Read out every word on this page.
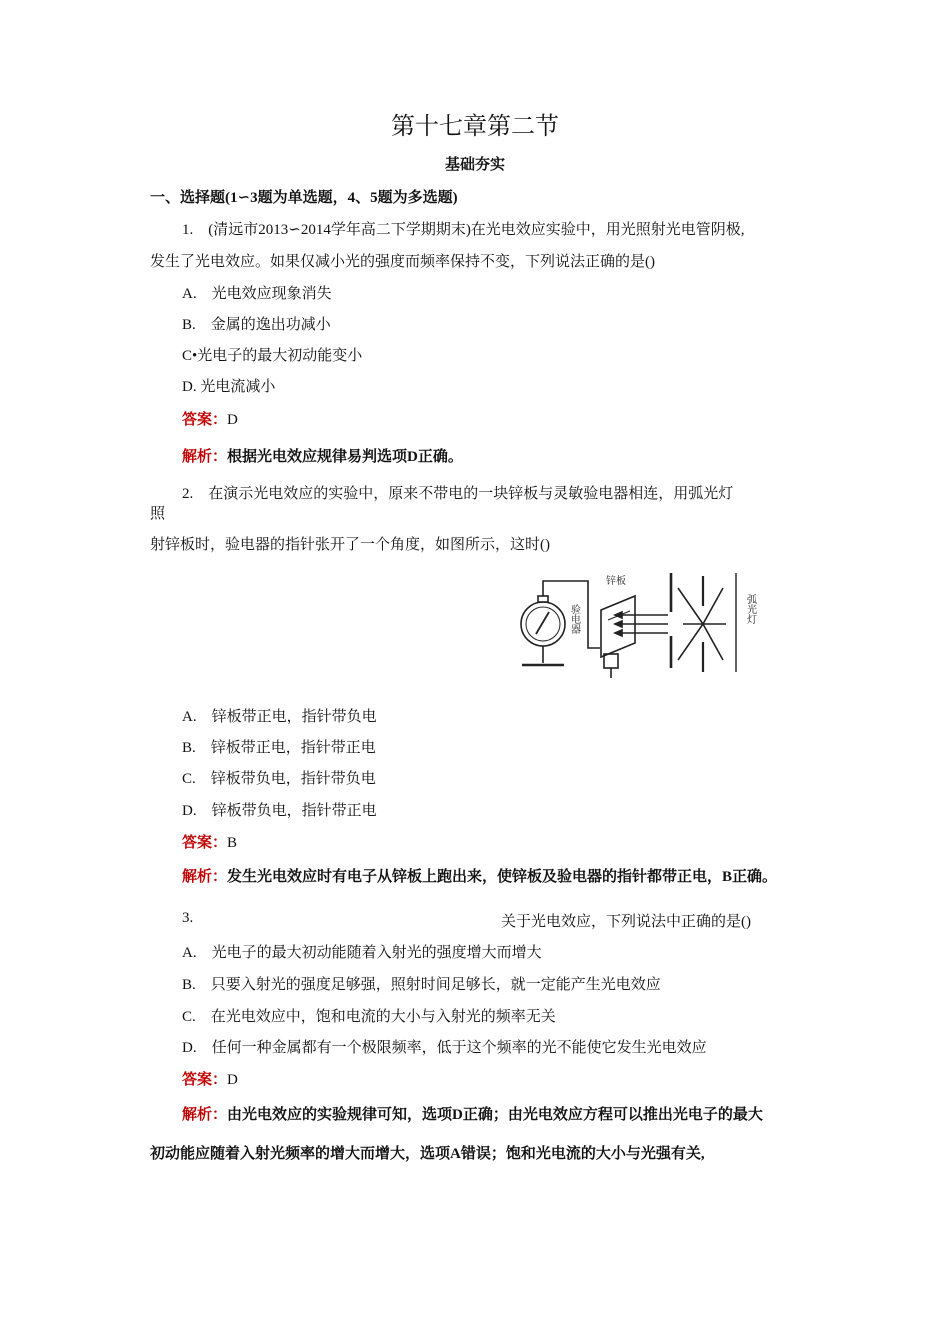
第十七章第二节
基础夯实
一、选择题(1∽3题为单选题，4、5题为多选题)
1.　(清远市2013∽2014学年高二下学期期末)在光电效应实验中，用光照射光电管阴极,
发生了光电效应。如果仅减小光的强度而频率保持不变，下列说法正确的是()
A.　光电效应现象消失
B.　金属的逸出功减小
C•光电子的最大初动能变小
D. 光电流减小
答案：D
解析：根据光电效应规律易判选项D正确。
2.　在演示光电效应的实验中，原来不带电的一块锌板与灵敏验电器相连，用弧光灯
照
射锌板时，验电器的指针张开了一个角度，如图所示，这时()
验电器
锌板
弧光灯
A.　锌板带正电，指针带负电
B.　锌板带正电，指针带正电
C.　锌板带负电，指针带负电
D.　锌板带负电，指针带正电
答案：B
解析：发生光电效应时有电子从锌板上跑出来，使锌板及验电器的指针都带正电，B正确。
3.	关于光电效应，下列说法中正确的是()
A.　光电子的最大初动能随着入射光的强度增大而增大
B.　只要入射光的强度足够强，照射时间足够长，就一定能产生光电效应
C.　在光电效应中，饱和电流的大小与入射光的频率无关
D.　任何一种金属都有一个极限频率，低于这个频率的光不能使它发生光电效应
答案：D
解析：由光电效应的实验规律可知，选项D正确；由光电效应方程可以推出光电子的最大
初动能应随着入射光频率的增大而增大，选项A错误；饱和光电流的大小与光强有关,
